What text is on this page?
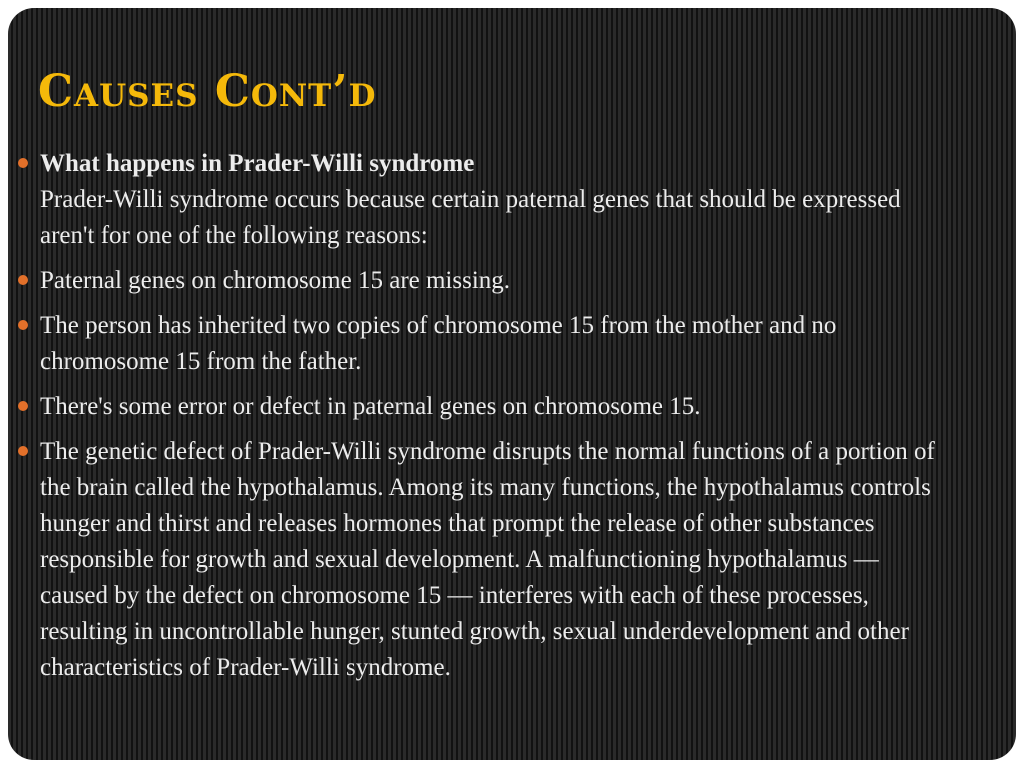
Causes Cont’d
What happens in Prader-Willi syndrome
Prader-Willi syndrome occurs because certain paternal genes that should be expressed aren't for one of the following reasons:
Paternal genes on chromosome 15 are missing.
The person has inherited two copies of chromosome 15 from the mother and no chromosome 15 from the father.
There's some error or defect in paternal genes on chromosome 15.
The genetic defect of Prader-Willi syndrome disrupts the normal functions of a portion of the brain called the hypothalamus. Among its many functions, the hypothalamus controls hunger and thirst and releases hormones that prompt the release of other substances responsible for growth and sexual development. A malfunctioning hypothalamus — caused by the defect on chromosome 15 — interferes with each of these processes, resulting in uncontrollable hunger, stunted growth, sexual underdevelopment and other characteristics of Prader-Willi syndrome.
